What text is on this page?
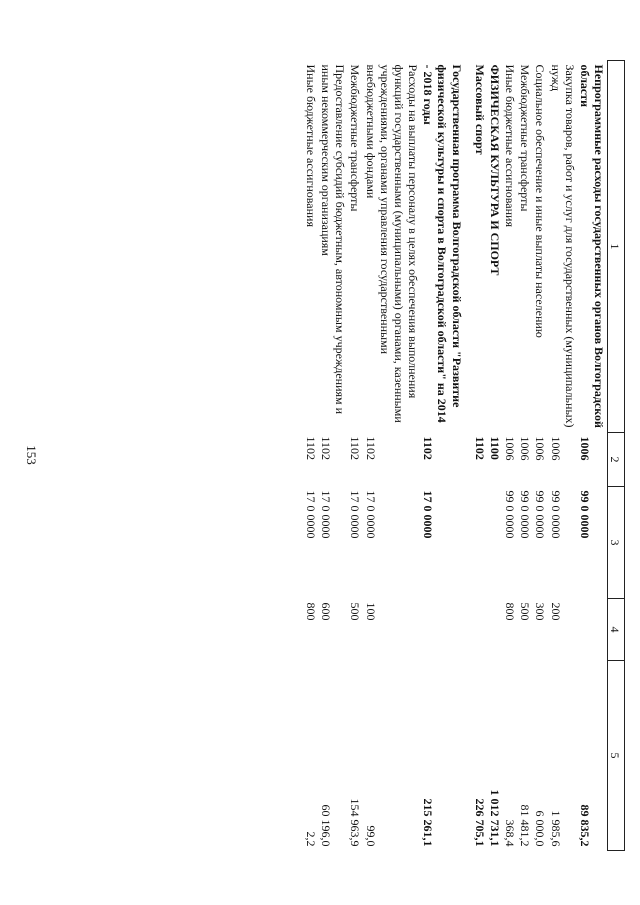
153
1	2	3	4	5
Непрограммные расходы государственных органов Волгоградской области	1006	99 0 0000		89 835,2
Закупка товаров, работ и услуг для государственных (муниципальных) нужд	1006	99 0 0000	200	1 985,6
Социальное обеспечение и иные выплаты населению	1006	99 0 0000	300	6 000,0
Межбюджетные трансферты	1006	99 0 0000	500	81 481,2
Иные бюджетные ассигнования	1006	99 0 0000	800	368,4
ФИЗИЧЕСКАЯ КУЛЬТУРА И СПОРТ	1100			1 012 731,1
Массовый спорт	1102			226 705,1

Государственная программа Волгоградской области "Развитие физической культуры и спорта в Волгоградской области" на 2014 - 2018 годы	1102	17 0 0000		215 261,1
Расходы на выплаты персоналу в целях обеспечения выполнения функций государственными (муниципальными) органами, казенными учреждениями, органами управления государственными внебюджетными фондами	1102	17 0 0000	100	99,0
Межбюджетные трансферты	1102	17 0 0000	500	154 963,9
Предоставление субсидий бюджетным, автономным учреждениям и иным некоммерческим организациям	1102	17 0 0000	600	60 196,0
Иные бюджетные ассигнования	1102	17 0 0000	800	2,2
